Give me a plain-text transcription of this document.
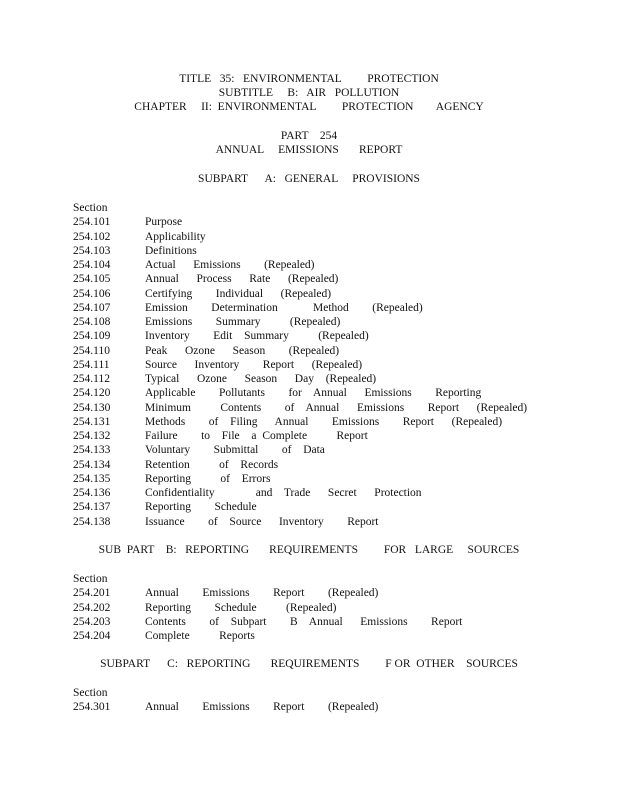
TITLE   35:   ENVIRONMENTAL         PROTECTION
SUBTITLE     B:   AIR   POLLUTION
CHAPTER     II:  ENVIRONMENTAL         PROTECTION        AGENCY
PART    254
ANNUAL     EMISSIONS       REPORT
SUBPART      A:   GENERAL     PROVISIONS
Section
254.101	Purpose
254.102	Applicability
254.103	Definitions
254.104	Actual   Emissions    (Repealed)
254.105	Annual   Process   Rate   (Repealed)
254.106	Certifying    Individual   (Repealed)
254.107	Emission    Determination      Method    (Repealed)
254.108	Emissions    Summary     (Repealed)
254.109	Inventory    Edit  Summary     (Repealed)
254.110	Peak   Ozone   Season    (Repealed)
254.111	Source   Inventory    Report   (Repealed)
254.112	Typical   Ozone   Season   Day  (Repealed)
254.120	Applicable    Pollutants    for  Annual   Emissions    Reporting
254.130	Minimum     Contents    of  Annual   Emissions    Report   (Repealed)
254.131	Methods    of  Filing   Annual    Emissions    Report   (Repealed)
254.132	Failure    to  File  a Complete     Report
254.133	Voluntary    Submittal    of  Data
254.134	Retention     of  Records
254.135	Reporting     of  Errors
254.136	Confidentiality       and  Trade   Secret   Protection
254.137	Reporting    Schedule
254.138	Issuance    of  Source   Inventory    Report
SUB  PART    B:   REPORTING       REQUIREMENTS         FOR   LARGE     SOURCES
Section
254.201	Annual    Emissions    Report    (Repealed)
254.202	Reporting    Schedule     (Repealed)
254.203	Contents    of  Subpart    B  Annual   Emissions    Report
254.204	Complete     Reports
SUBPART      C:   REPORTING       REQUIREMENTS         F OR  OTHER    SOURCES
Section
254.301	Annual    Emissions    Report    (Repealed)
